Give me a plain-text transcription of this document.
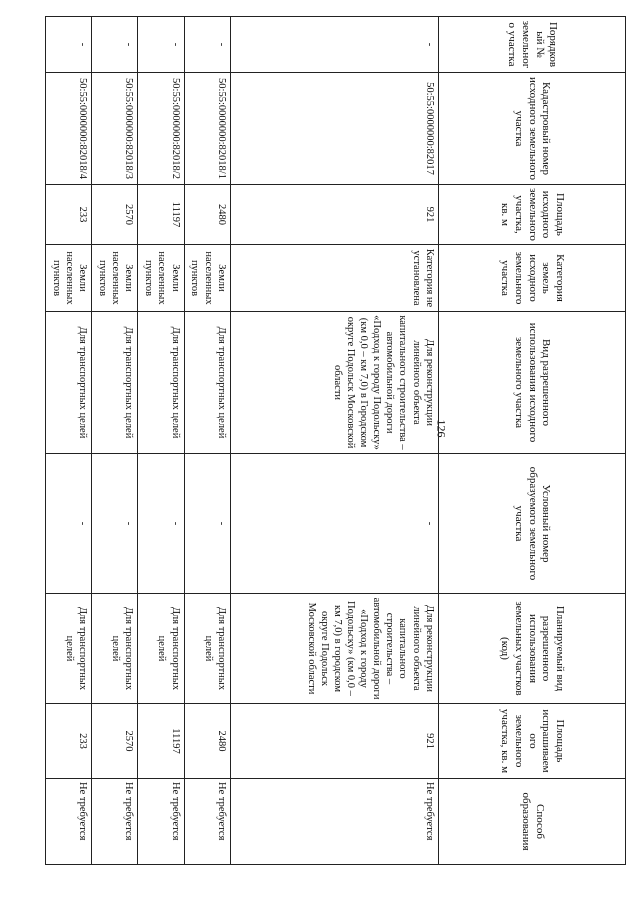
126
Порядковый № земельного участка	Кадастровый номер исходного земельного участка	Площадь исходного земельного участка, кв. м	Категория земель исходного земельного участка	Вид разрешенного использования исходного земельного участка	Условный номер образуемого земельного участка	Планируемый вид разрешенного использования земельных участков (код)	Площадь испрашиваемого земельного участка, кв. м	Способ образования
-	50:55:0000000:82017	921	Категория не установлена	Для реконструкции линейного объекта капитального строительства – автомобильной дороги «Подход к городу Подольску» (км 0,0 – км 7,0) в Городском округе Подольск Московской области	-	Для реконструкции линейного объекта капитального строительства – автомобильной дороги «Подход к городу Подольску» (км 0,0 – км 7,0) в городском округе Подольск Московской области	921	Не требуется
-	50:55:0000000:82018/1	2480	Земли населенных пунктов	Для транспортных целей	-	Для транспортных целей	2480	Не требуется
-	50:55:0000000:82018/2	11197	Земли населенных пунктов	Для транспортных целей	-	Для транспортных целей	11197	Не требуется
-	50:55:0000000:82018/3	2570	Земли населенных пунктов	Для транспортных целей	-	Для транспортных целей	2570	Не требуется
-	50:55:0000000:82018/4	233	Земли населенных пунктов	Для транспортных целей	-	Для транспортных целей	233	Не требуется
